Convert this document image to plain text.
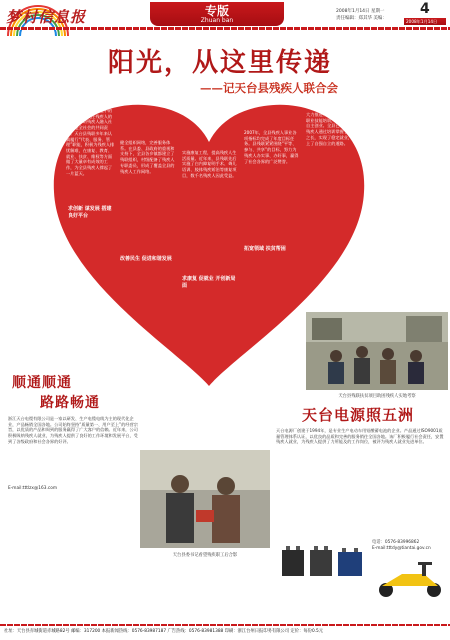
梦村信息报	专版
Zhuan ban
2008年1月14日 星期一
责任编辑：郑其华 美编：
4
2008年1月14日
阳光，从这里传递
——记天台县残疾人联合会
残疾人是社会大家庭中的平等成员。关注残疾人的生活，帮助残疾人融入社会，是全社会的共同责任。天台县残联多年来认真履行“代表、服务、管理”职能，积极为残疾人排忧解难，在康复、教育、就业、扶贫、维权等方面做了大量卓有成效的工作，为全县残疾人撑起了一片蓝天。
求创新 谋发展 搭建良好平台
健全组织网络，完善服务体系。在县委、县政府的重视和支持下，全县各乡镇都建立了残联组织，村级配备了残疾人专职委员，形成了覆盖全县的残疾人工作网络。
改善民生 促进和谐发展
实施康复工程，提高残疾人生活质量。近年来，县残联先后实施了白内障复明手术、聋儿语训、肢体残疾矫治等康复项目，数千名残疾人因此受益。
求康复 促就业 开创新局面
2007年，全县残疾人事业各项指标均完成了年度目标任务。县残联紧紧围绕“平等、参与、共享”的目标，努力为残疾人办实事、办好事，赢得了社会各界的广泛赞誉。
拓宽领域 扶贫帮困
大力推进残疾人就业，加强职业技能培训，扶持残疾人自主创业。全县已有一大批残疾人通过培训掌握了一技之长，实现了稳定就业，走上了自强自立的道路。
天台县残联扶贫项目助困残疾人实地考察
顺通顺通
路路畅通
浙江天台电缆有限公司是一家以研发、生产电缆电线为主的现代化企业，产品畅销全国各地。公司始终坚持“质量第一、用户至上”的经营宗旨，以优质的产品和周到的服务赢得了广大客户的信赖。近年来，公司积极吸纳残疾人就业，为残疾人提供了良好的工作环境和发展平台，受到了各级政府和社会各界的好评。
E-mail:tttlzx@163.com
天台县委书记看望残疾职工后合影
天台电源照五洲
天台电源厂创建于1994年，是专业生产电动车用铅酸蓄电池的企业。产品通过ISO9001质量管理体系认证，以优良的品质和完善的服务销往全国各地。该厂积极履行社会责任，安置残疾人就业，为残疾人提供了力所能及的工作岗位，被评为残疾人就业先进单位。
电话：0576-83996862
E-mail:tttdy@tiantai.gov.cn
社址：天台县赤城街道赤城路82号 邮编：317200 本报新闻热线：0576-83987187 广告热线：0576-83981388 印刷：浙江台州日报印务有限公司 定价：每份0.5元
